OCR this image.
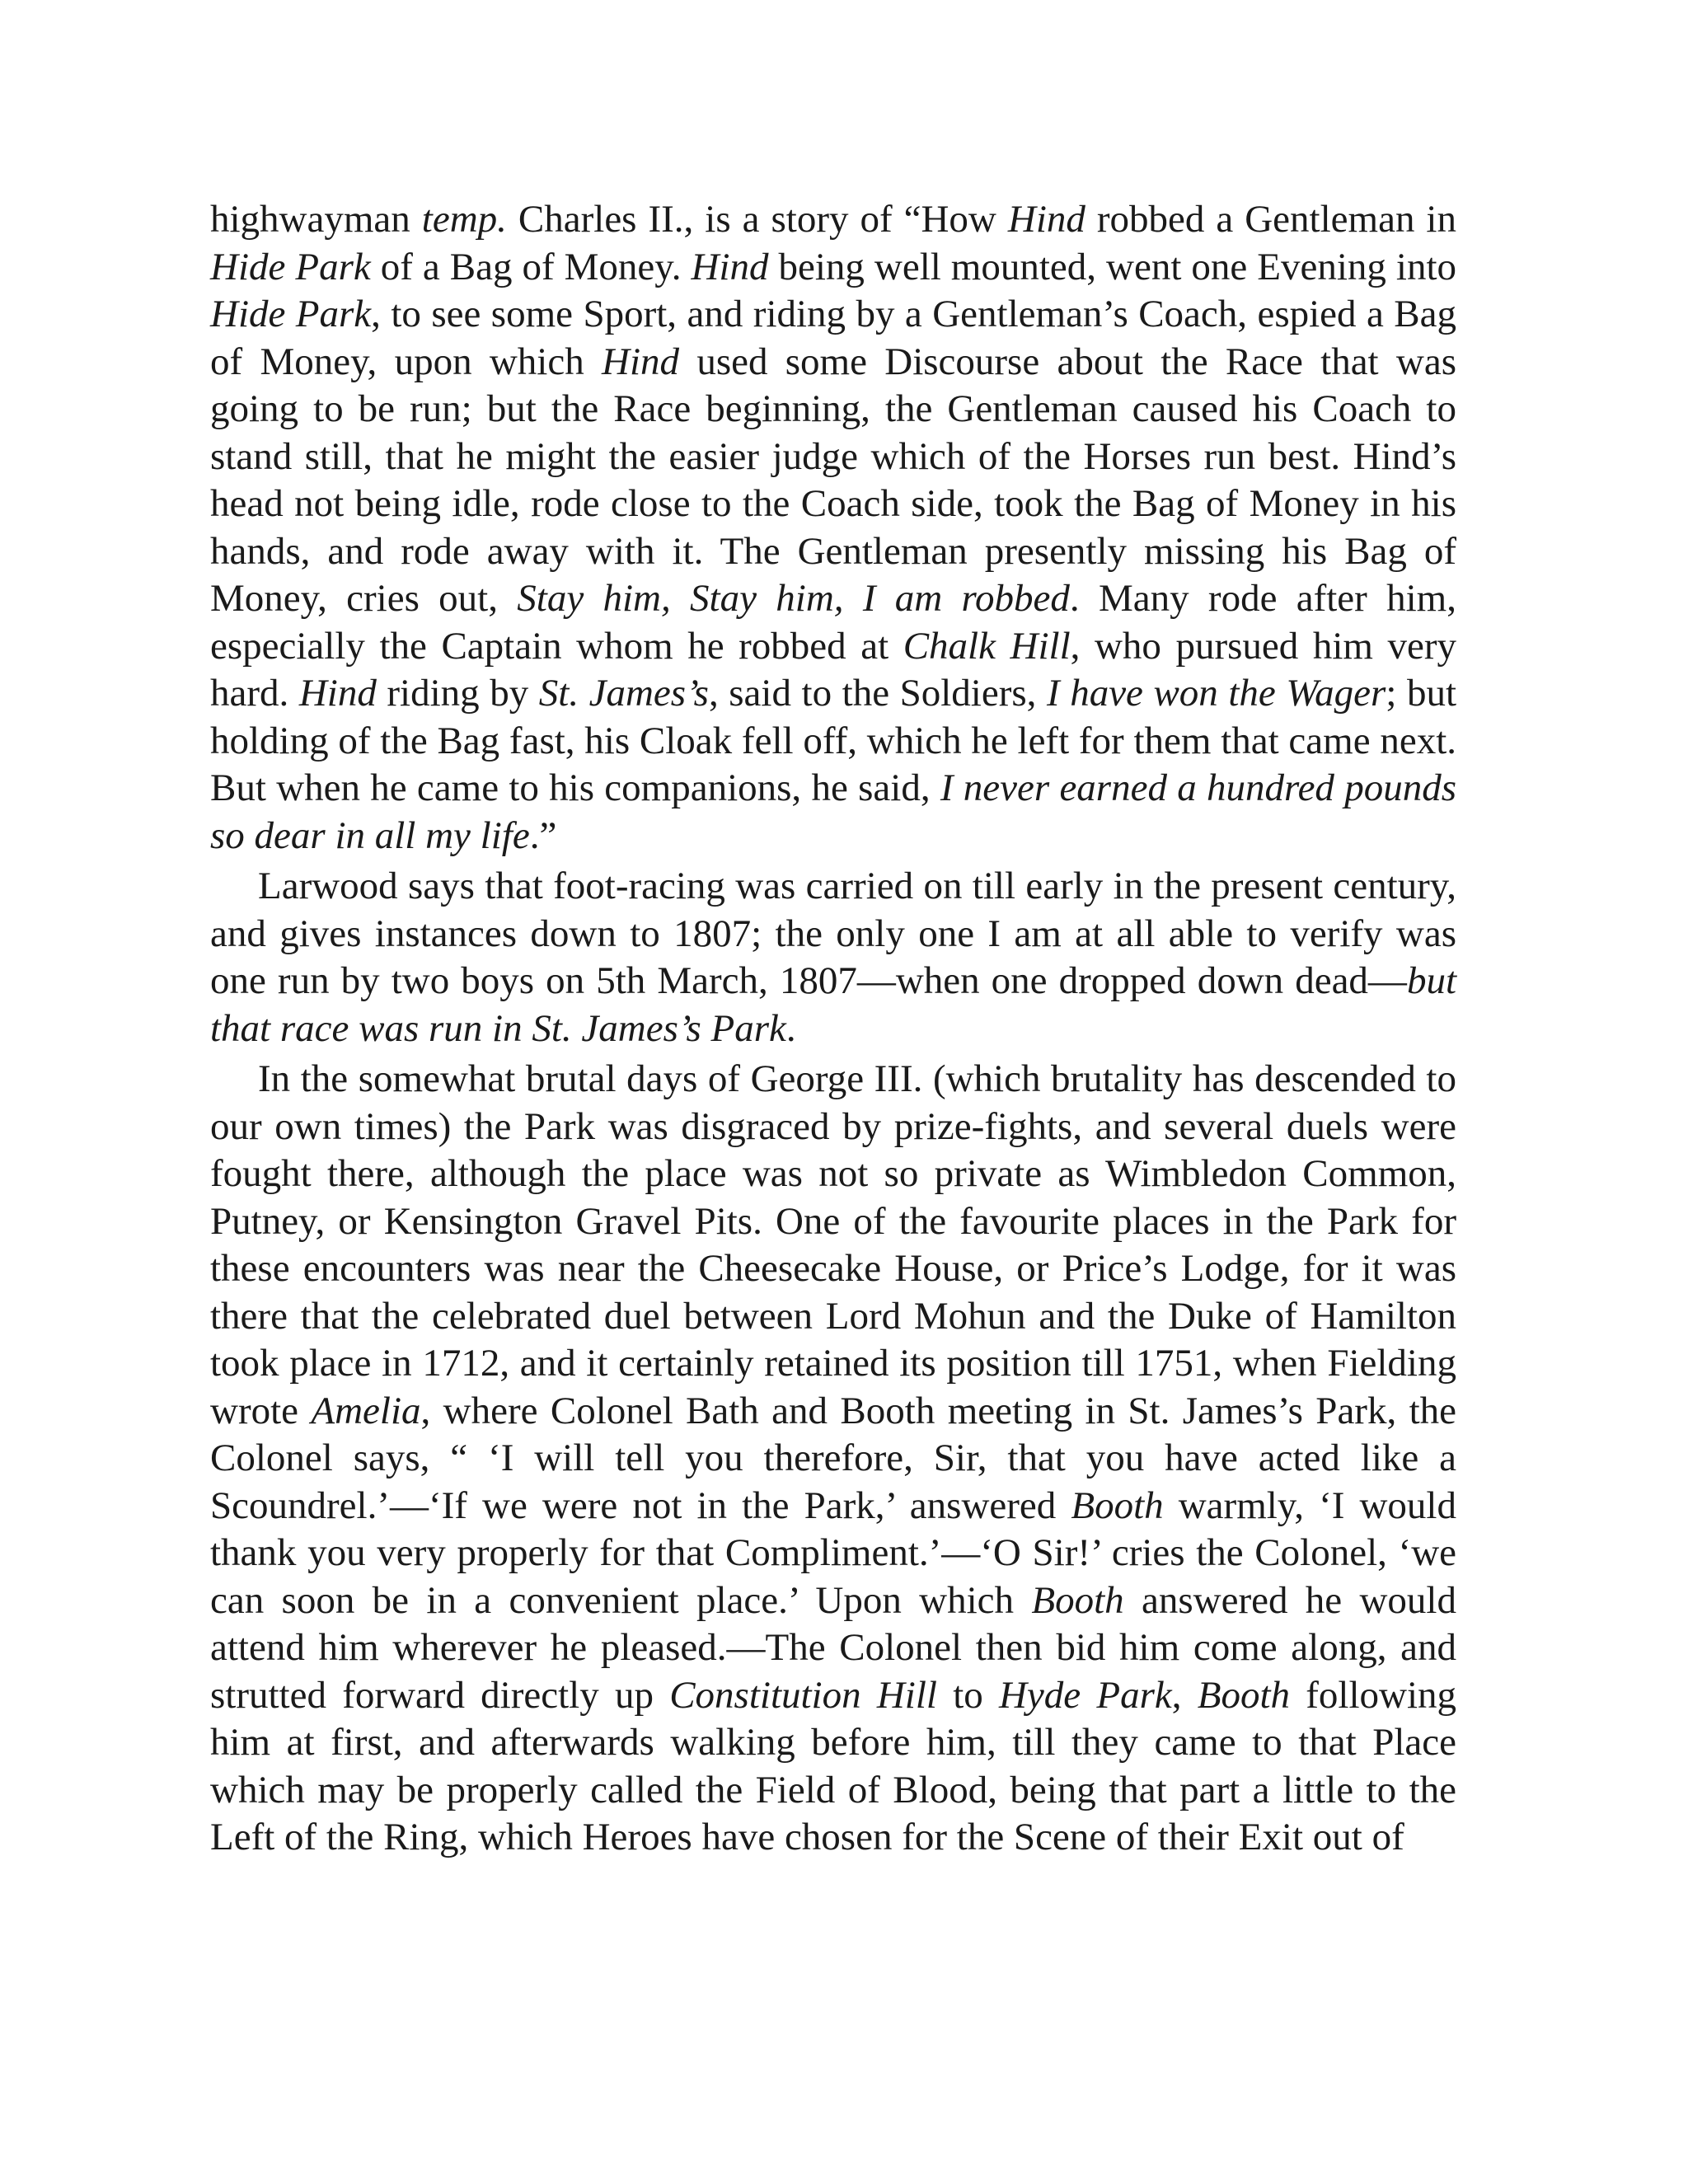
highwayman temp. Charles II., is a story of “How Hind robbed a Gentleman in Hide Park of a Bag of Money. Hind being well mounted, went one Evening into Hide Park, to see some Sport, and riding by a Gentleman’s Coach, espied a Bag of Money, upon which Hind used some Discourse about the Race that was going to be run; but the Race beginning, the Gentleman caused his Coach to stand still, that he might the easier judge which of the Horses run best. Hind’s head not being idle, rode close to the Coach side, took the Bag of Money in his hands, and rode away with it. The Gentleman presently missing his Bag of Money, cries out, Stay him, Stay him, I am robbed. Many rode after him, especially the Captain whom he robbed at Chalk Hill, who pursued him very hard. Hind riding by St. James’s, said to the Soldiers, I have won the Wager; but holding of the Bag fast, his Cloak fell off, which he left for them that came next. But when he came to his companions, he said, I never earned a hundred pounds so dear in all my life.”

Larwood says that foot-racing was carried on till early in the present century, and gives instances down to 1807; the only one I am at all able to verify was one run by two boys on 5th March, 1807—when one dropped down dead—but that race was run in St. James’s Park.

In the somewhat brutal days of George III. (which brutality has descended to our own times) the Park was disgraced by prize-fights, and several duels were fought there, although the place was not so private as Wimbledon Common, Putney, or Kensington Gravel Pits. One of the favourite places in the Park for these encounters was near the Cheesecake House, or Price’s Lodge, for it was there that the celebrated duel between Lord Mohun and the Duke of Hamilton took place in 1712, and it certainly retained its position till 1751, when Fielding wrote Amelia, where Colonel Bath and Booth meeting in St. James’s Park, the Colonel says, “ ‘I will tell you therefore, Sir, that you have acted like a Scoundrel.’—‘If we were not in the Park,’ answered Booth warmly, ‘I would thank you very properly for that Compliment.’—‘O Sir!’ cries the Colonel, ‘we can soon be in a convenient place.’ Upon which Booth answered he would attend him wherever he pleased.—The Colonel then bid him come along, and strutted forward directly up Constitution Hill to Hyde Park, Booth following him at first, and afterwards walking before him, till they came to that Place which may be properly called the Field of Blood, being that part a little to the Left of the Ring, which Heroes have chosen for the Scene of their Exit out of
